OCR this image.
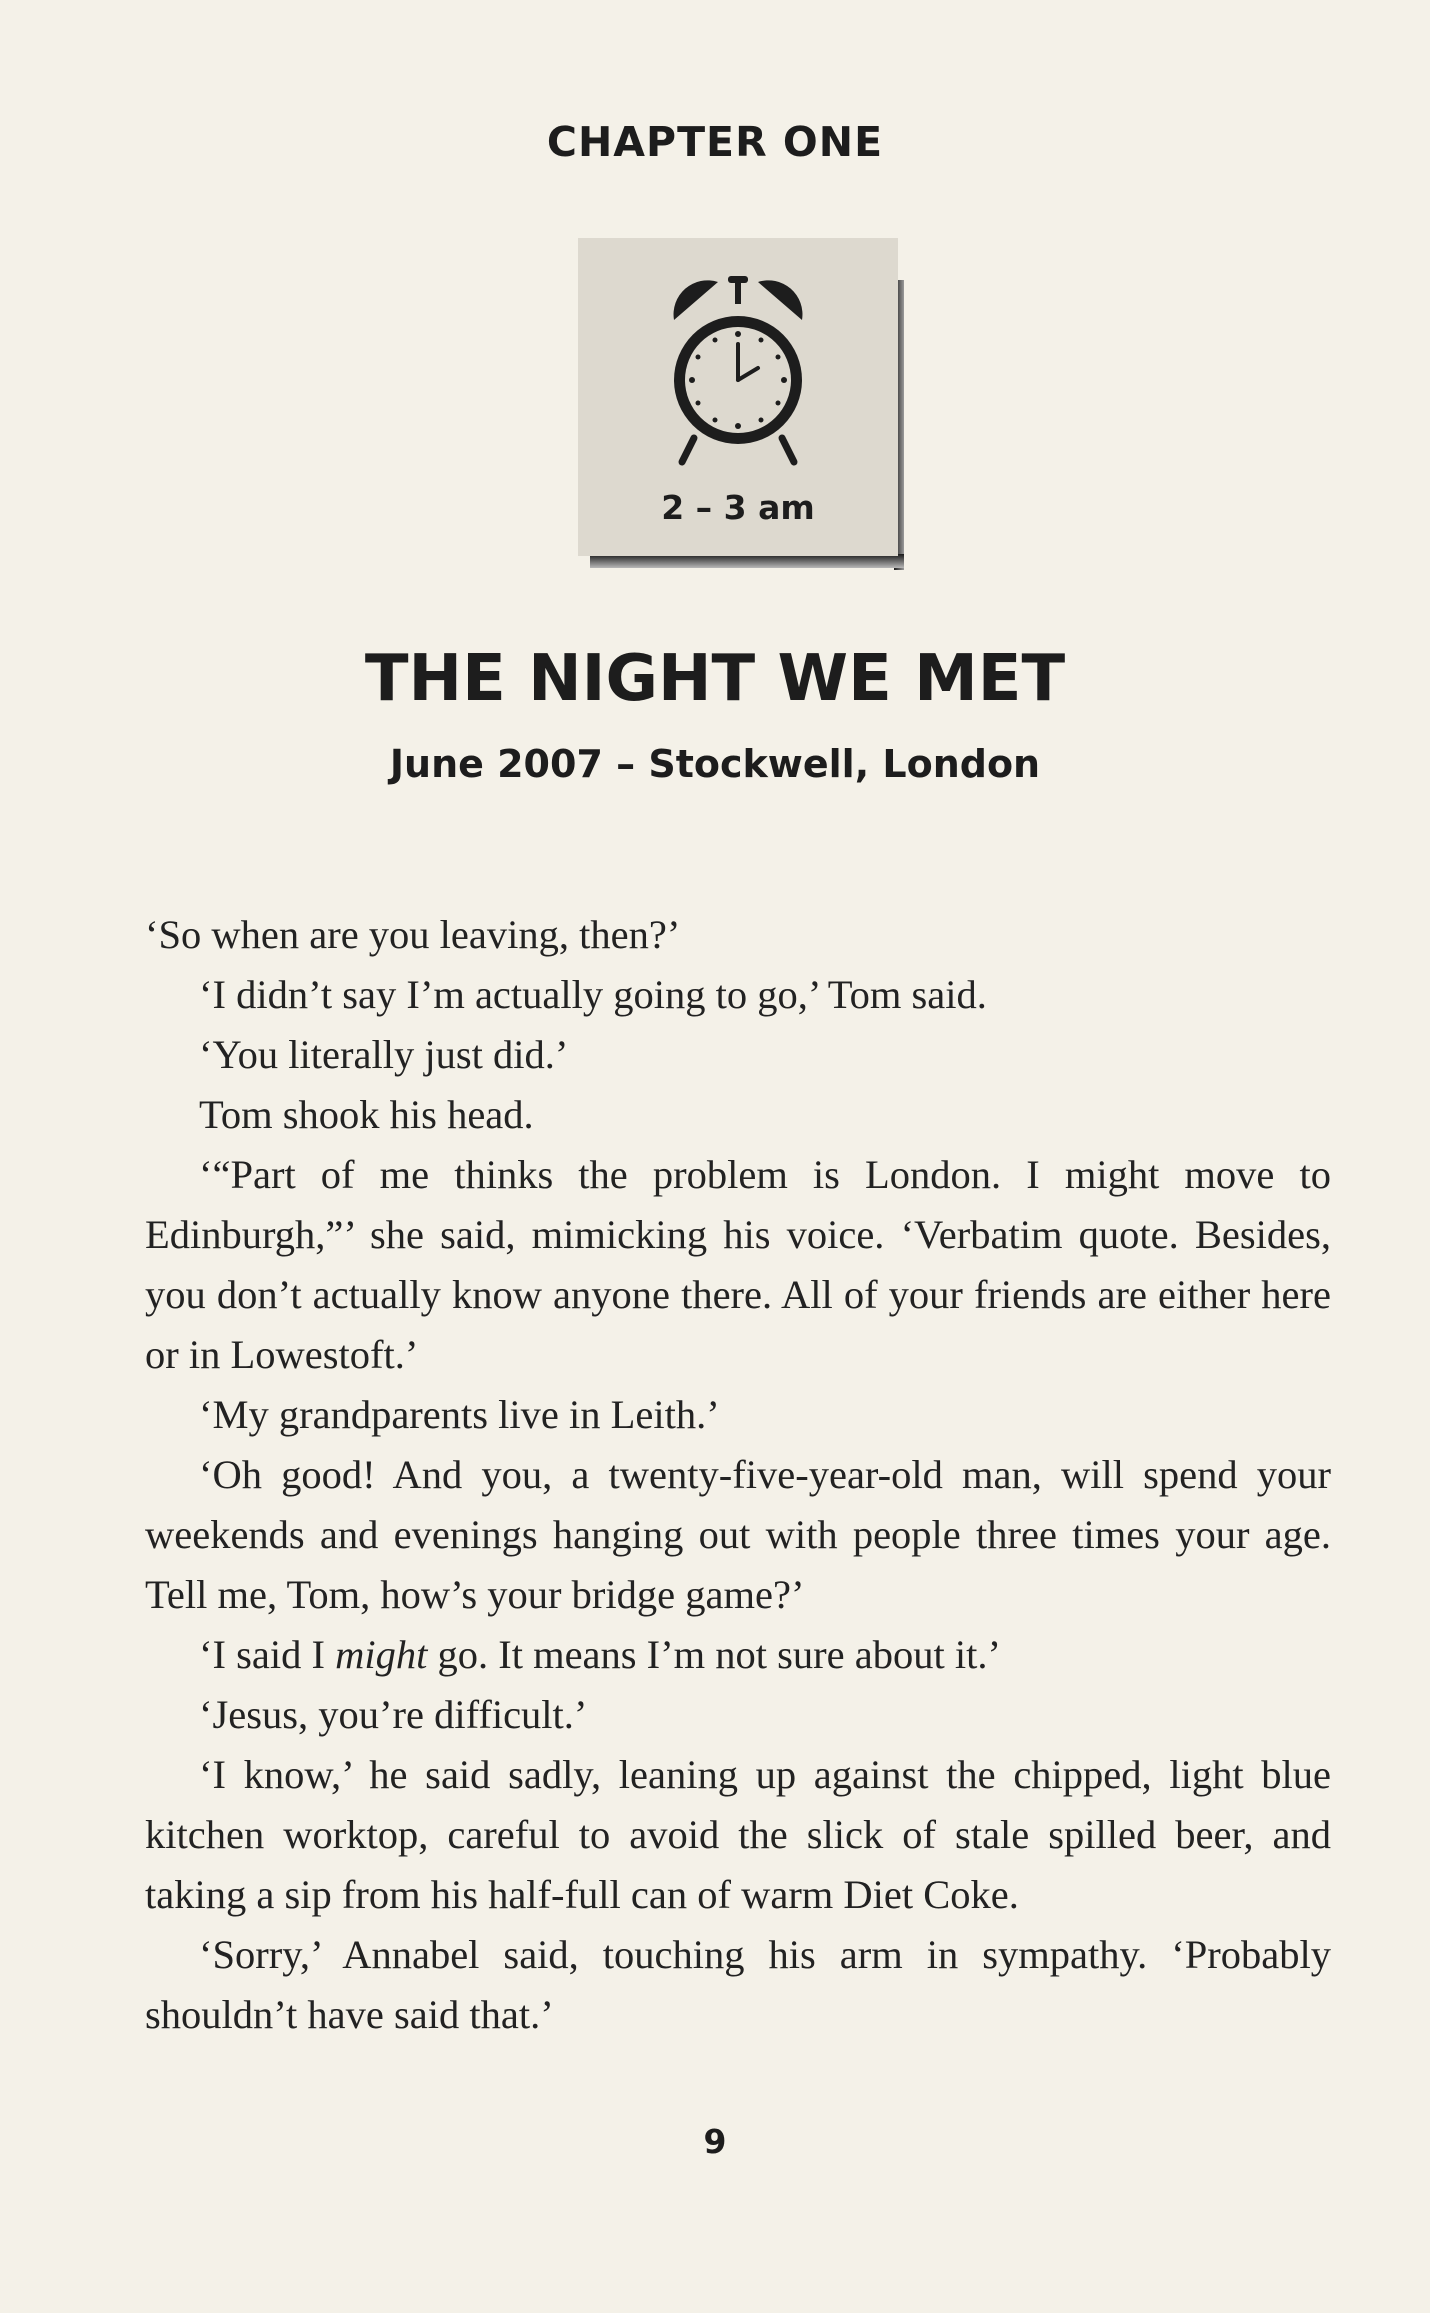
CHAPTER ONE
2 – 3 am
THE NIGHT WE MET
June 2007 – Stockwell, London

‘So when are you leaving, then?’

‘I didn’t say I’m actually going to go,’ Tom said.

‘You literally just did.’

Tom shook his head.

‘“Part of me thinks the problem is London. I might move to Edinburgh,”’ she said, mimicking his voice. ‘Verbatim quote. Besides, you don’t actually know anyone there. All of your friends are either here or in Lowestoft.’

‘My grandparents live in Leith.’

‘Oh good! And you, a twenty-five-year-old man, will spend your weekends and evenings hanging out with people three times your age. Tell me, Tom, how’s your bridge game?’

‘I said I might go. It means I’m not sure about it.’

‘Jesus, you’re difficult.’

‘I know,’ he said sadly, leaning up against the chipped, light blue kitchen worktop, careful to avoid the slick of stale spilled beer, and taking a sip from his half-full can of warm Diet Coke.

‘Sorry,’ Annabel said, touching his arm in sympathy. ‘Probably shouldn’t have said that.’

9
